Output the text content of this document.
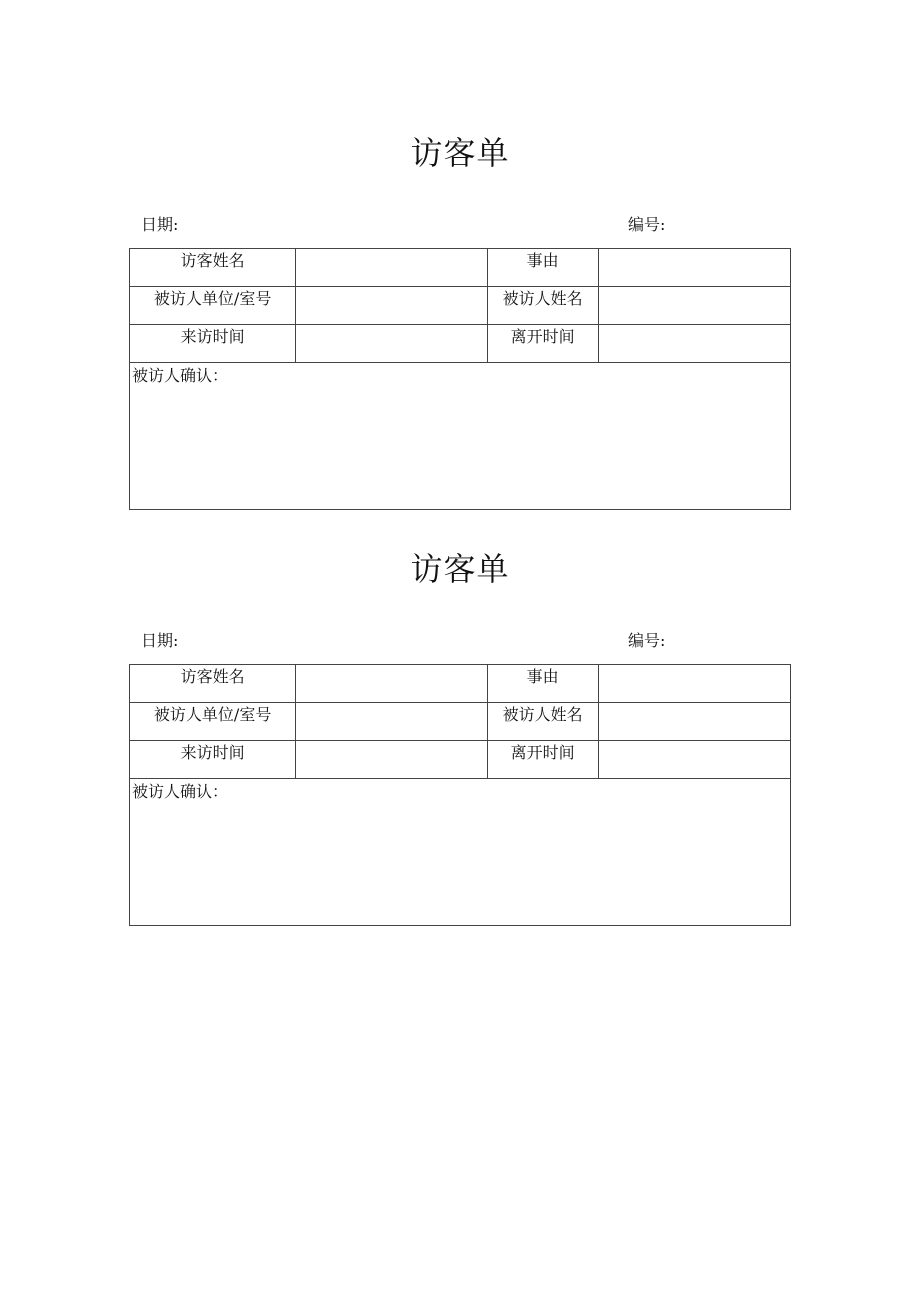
访客单
日期:	编号:
访客姓名		事由	
被访人单位/室号		被访人姓名	
来访时间		离开时间	
被访人确认：			
访客单
日期:	编号:
访客姓名		事由	
被访人单位/室号		被访人姓名	
来访时间		离开时间	
被访人确认：			
